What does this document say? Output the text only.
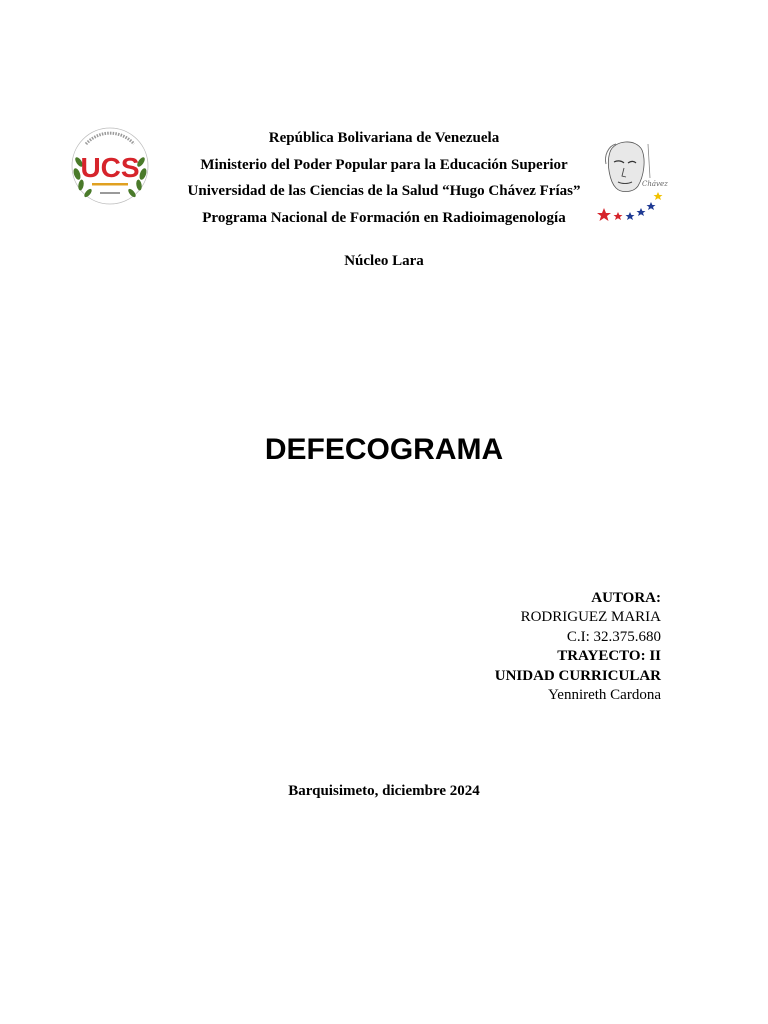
República Bolivariana de Venezuela
Ministerio del Poder Popular para la Educación Superior
Universidad de las Ciencias de la Salud “Hugo Chávez Frías”
Programa Nacional de Formación en Radioimagenología
Núcleo Lara
UCS
Chávez
DEFECOGRAMA
AUTORA:
RODRIGUEZ MARIA
C.I: 32.375.680
TRAYECTO: II
UNIDAD CURRICULAR
Yennireth Cardona
Barquisimeto, diciembre 2024
